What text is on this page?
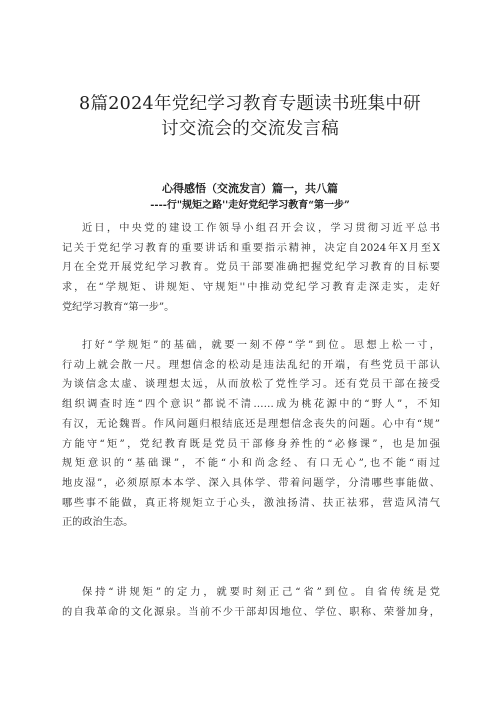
8篇2024年党纪学习教育专题读书班集中研
讨交流会的交流发言稿
心得感悟（交流发言）篇一，共八篇
----行"规矩之路''走好党纪学习教育“第一步”
近日，中央党的建设工作领导小组召开会议，学习贯彻习近平总书
记关于党纪学习教育的重要讲话和重要指示精神，决定自2024年X月至X
月在全党开展党纪学习教育。党员干部要准确把握党纪学习教育的目标要
求，在“学规矩、讲规矩、守规矩''中推动党纪学习教育走深走实，走好
党纪学习教育“第一步”。
打好“学规矩”的基础，就要一刻不停“学”到位。思想上松一寸，
行动上就会散一尺。理想信念的松动是违法乱纪的开端，有些党员干部认
为谈信念太虚、谈理想太远，从而放松了党性学习。还有党员干部在接受
组织调查时连“四个意识”都说不清……成为桃花源中的“野人”，不知
有汉，无论魏晋。作风问题归根结底还是理想信念丧失的问题。心中有“规”
方能守“矩”，党纪教育既是党员干部修身养性的“必修课”，也是加强
规矩意识的“基础课”，不能“小和尚念经、有口无心”,也不能“雨过
地皮湿”，必须原原本本学、深入具体学、带着问题学，分清哪些事能做、
哪些事不能做，真正将规矩立于心头，激浊扬清、扶正祛邪，营造风清气
正的政治生态。
保持“讲规矩”的定力，就要时刻正己“省”到位。自省传统是党
的自我革命的文化源泉。当前不少干部却因地位、学位、职称、荣誉加身，
